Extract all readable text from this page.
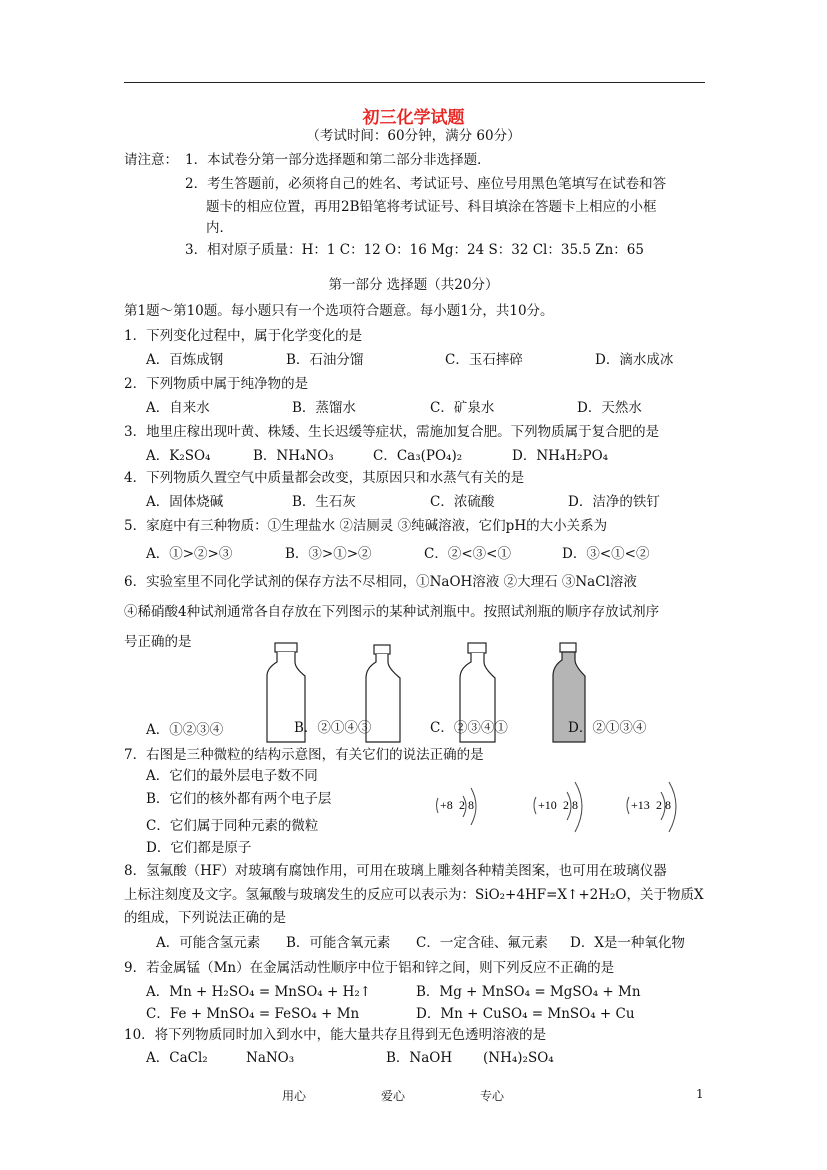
初三化学试题
（考试时间：60分钟，满分 60分）
请注意： 1．本试卷分第一部分选择题和第二部分非选择题．
2．考生答题前，必须将自己的姓名、考试证号、座位号用黑色笔填写在试卷和答
题卡的相应位置，再用2B铅笔将考试证号、科目填涂在答题卡上相应的小框
内．
3．相对原子质量：H：1 C：12 O：16 Mg：24 S：32 Cl：35.5 Zn：65
第一部分 选择题（共20分）
第1题～第10题。每小题只有一个选项符合题意。每小题1分，共10分。
1．下列变化过程中，属于化学变化的是
A．百炼成钢	B．石油分馏	C．玉石摔碎	D．滴水成冰
2．下列物质中属于纯净物的是
A．自来水	B．蒸馏水	C．矿泉水	D．天然水
3．地里庄稼出现叶黄、株矮、生长迟缓等症状，需施加复合肥。下列物质属于复合肥的是
A．K₂SO₄	B．NH₄NO₃	C．Ca₃(PO₄)₂	D．NH₄H₂PO₄
4．下列物质久置空气中质量都会改变，其原因只和水蒸气有关的是
A．固体烧碱	B．生石灰	C．浓硫酸	D．洁净的铁钉
5．家庭中有三种物质：①生理盐水 ②洁厕灵 ③纯碱溶液，它们pH的大小关系为
A．①>②>③	B．③>①>②	C．②<③<①	D．③<①<②
6．实验室里不同化学试剂的保存方法不尽相同，①NaOH溶液 ②大理石 ③NaCl溶液
④稀硝酸4种试剂通常各自存放在下列图示的某种试剂瓶中。按照试剂瓶的顺序存放试剂序
号正确的是
A．①②③④	B．②①④③	C．②③④①	D．②①③④
7．右图是三种微粒的结构示意图，有关它们的说法正确的是
A．它们的最外层电子数不同
B．它们的核外都有两个电子层
C．它们属于同种元素的微粒
D．它们都是原子
+8 2 8	+10 2 8	+13 2 8
8．氢氟酸（HF）对玻璃有腐蚀作用，可用在玻璃上雕刻各种精美图案，也可用在玻璃仪器
上标注刻度及文字。氢氟酸与玻璃发生的反应可以表示为：SiO₂+4HF=X↑+2H₂O，关于物质X
的组成，下列说法正确的是
A．可能含氢元素 B．可能含氧元素 C．一定含硅、氟元素 D．X是一种氧化物
9．若金属锰（Mn）在金属活动性顺序中位于铝和锌之间，则下列反应不正确的是
A．Mn + H₂SO₄ = MnSO₄ + H₂↑	B．Mg + MnSO₄ = MgSO₄ + Mn
C．Fe + MnSO₄ = FeSO₄ + Mn	D．Mn + CuSO₄ = MnSO₄ + Cu
10．将下列物质同时加入到水中，能大量共存且得到无色透明溶液的是
A．CaCl₂	NaNO₃	B．NaOH (NH₄)₂SO₄
用心	爱心	专心	1
